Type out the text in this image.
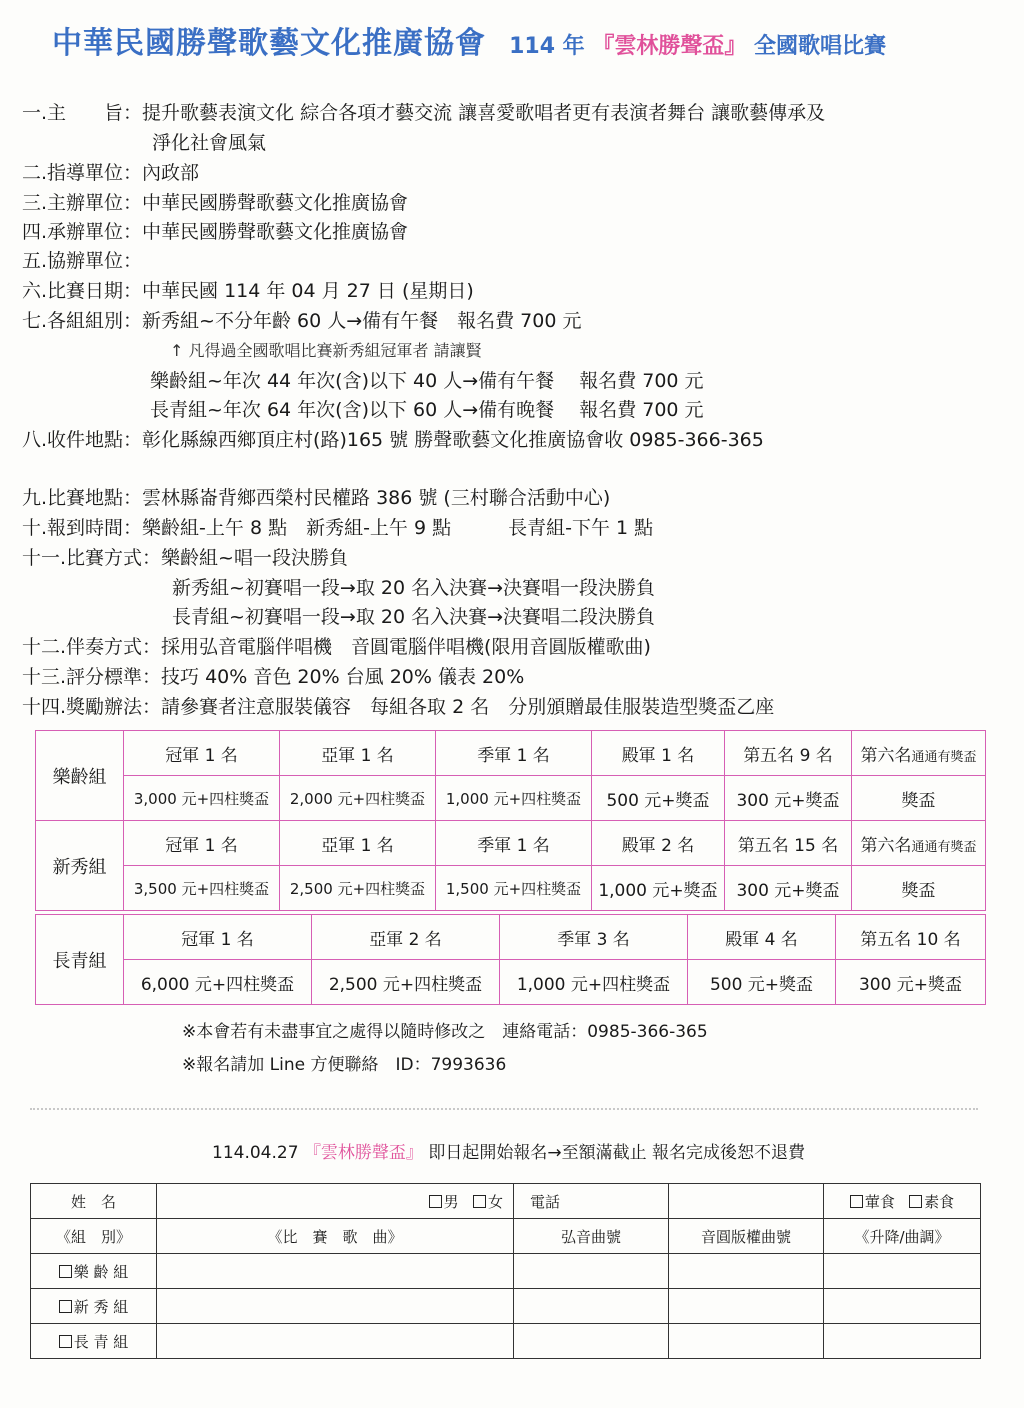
中華民國勝聲歌藝文化推廣協會 114 年 『雲林勝聲盃』 全國歌唱比賽
一.主　　旨：提升歌藝表演文化 綜合各項才藝交流 讓喜愛歌唱者更有表演者舞台 讓歌藝傳承及
淨化社會風氣
二.指導單位：內政部
三.主辦單位：中華民國勝聲歌藝文化推廣協會
四.承辦單位：中華民國勝聲歌藝文化推廣協會
五.協辦單位：
六.比賽日期：中華民國 114 年 04 月 27 日 (星期日)
七.各組組別：新秀組~不分年齡 60 人→備有午餐　報名費 700 元
↑ 凡得過全國歌唱比賽新秀組冠軍者 請讓賢
樂齡組~年次 44 年次(含)以下 40 人→備有午餐　 報名費 700 元
長青組~年次 64 年次(含)以下 60 人→備有晚餐　 報名費 700 元
八.收件地點：彰化縣線西鄉頂庄村(路)165 號 勝聲歌藝文化推廣協會收 0985-366-365
九.比賽地點：雲林縣崙背鄉西榮村民權路 386 號 (三村聯合活動中心)
十.報到時間：樂齡組-上午 8 點　新秀組-上午 9 點　　　長青組-下午 1 點
十一.比賽方式：樂齡組~唱一段決勝負
新秀組~初賽唱一段→取 20 名入決賽→決賽唱一段決勝負
長青組~初賽唱一段→取 20 名入決賽→決賽唱二段決勝負
十二.伴奏方式：採用弘音電腦伴唱機　音圓電腦伴唱機(限用音圓版權歌曲)
十三.評分標準：技巧 40% 音色 20% 台風 20% 儀表 20%
十四.獎勵辦法：請參賽者注意服裝儀容　每組各取 2 名　分別頒贈最佳服裝造型獎盃乙座
樂齡組	冠軍 1 名	亞軍 1 名	季軍 1 名	殿軍 1 名	第五名 9 名	第六名通通有獎盃
	3,000 元+四柱獎盃	2,000 元+四柱獎盃	1,000 元+四柱獎盃	500 元+獎盃	300 元+獎盃	獎盃
新秀組	冠軍 1 名	亞軍 1 名	季軍 1 名	殿軍 2 名	第五名 15 名	第六名通通有獎盃
	3,500 元+四柱獎盃	2,500 元+四柱獎盃	1,500 元+四柱獎盃	1,000 元+獎盃	300 元+獎盃	獎盃
長青組	冠軍 1 名	亞軍 2 名	季軍 3 名	殿軍 4 名	第五名 10 名
	6,000 元+四柱獎盃	2,500 元+四柱獎盃	1,000 元+四柱獎盃	500 元+獎盃	300 元+獎盃
※本會若有未盡事宜之處得以隨時修改之　連絡電話：0985-366-365
※報名請加 Line 方便聯絡　ID：7993636
114.04.27 『雲林勝聲盃』 即日起開始報名→至額滿截止 報名完成後恕不退費
姓　名	男 女	電話		葷食 素食
《組　別》	《比　賽　歌　曲》	弘音曲號	音圓版權曲號	《升降/曲調》
樂 齡 組				
新 秀 組				
長 青 組				
